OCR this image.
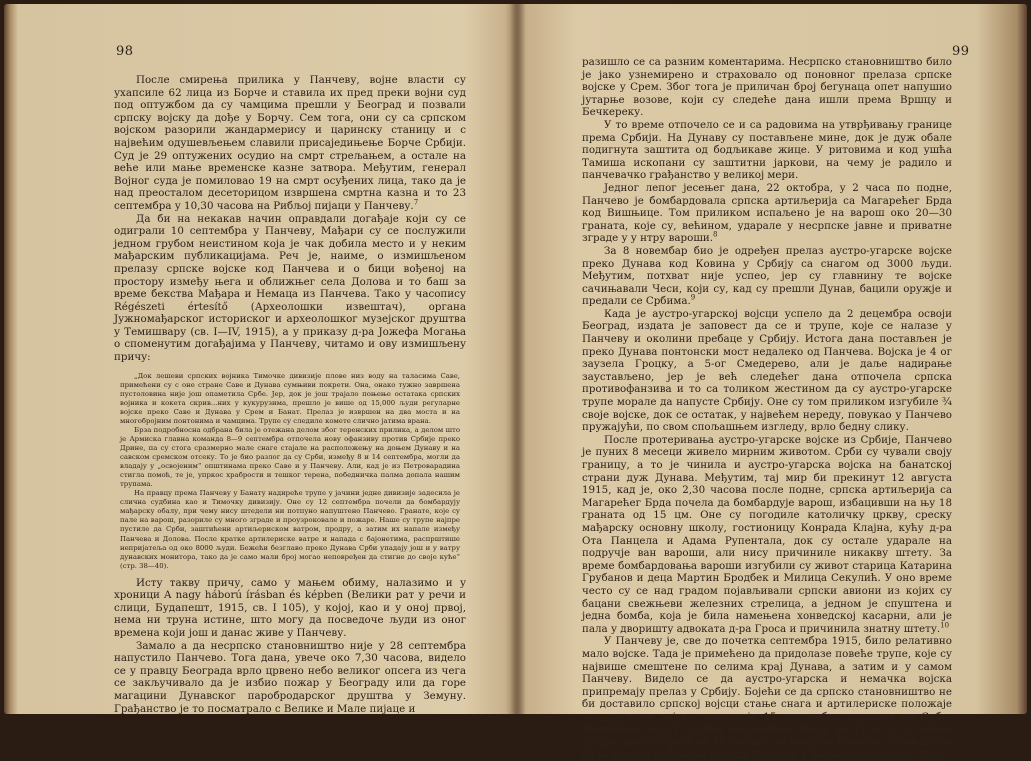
98

После смирења прилика у Панчеву, војне власти су ухапсиле 62 лица из Борче и ставила их пред преки војни суд под оптужбом да су чамцима прешли у Београд и позвали српску војску да дође у Борчу. Сем тога, они су са српском војском разорили жандармерису и царинску станицу и с највећим одушевљењем славили присаједињење Борче Србији. Суд је 29 оптужених осудио на смрт стрељањем, а остале на веће или мање временске казне затвора. Међутим, генерал Војног суда је помиловао 19 на смрт осуђених лица, тако да је над преосталом десеторицом извршена смртна казна и то 23 септембра у 10,30 часова на Рибљој пијаци у Панчеву.$^7$

Да би на некакав начин оправдали догађаје који су се одиграли 10 септембра у Панчеву, Мађари су се послужили једном грубом неистином која је чак добила место и у неким мађарским публикацијама. Реч је, наиме, о измишљеном прелазу српске војске код Панчева и о бици вођеној на простору између њега и оближњег села Долова и то баш за време бекства Мађара и Немаца из Панчева. Тако у часопису Régészeti értesítő (Археолошки извештач), органа Јужномађарског историског и археолошког музејског друштва у Темишвару (св. I—IV, 1915), а у приказу д-ра Јожефа Могања о споменутим догађајима у Панчеву, читамо и ову измишљену причу:

„Док лешеви српских војника Тимочке дивизије плове низ воду на таласима Саве, примећени су с оне стране Саве и Дунава сумњиви покрети. Она, онако тужно завршена пустоловина није још опаметила Србе. Јер, док је још трајало поњење остатака српских војника и кокета скрив...них у кукурузима, прешло је више од 15,000 људи регуларне војске преко Саве и Дунава у Срем и Банат. Прелаз је извршен на два моста и на многобројним понтонима и чамцима. Трупе су следиле кометe слично јатима врана.

Брза подробносна одбрана била је отежана делом због терeнских прилика, а делом што је Армиска главна команда 8—9 септембра отпочела нову офанзиву против Србије преко Дрине, па су стога сразмерно мале снаге стајале на расположењу на доњем Дунаву и на савском сремском отсеку. То је био разлог да су Срби, између 8 и 14 септембра, могли да владају у „освојеним“ општинама преко Саве и у Панчеву. Али, кад је из Петроварадина стигла помоћ, те је, упркос храбрости и тешког терена, победничка палма допала нашим трупама.

На правцу према Панчеву у Банату надиреће трупе у јачини једне дивизије задесила је слична судбина као и Тимочку дивизију. Оне су 12 септембра почели да бомбардују мађарску обалу, при чему нису штедели ни потпуно напуштено Панчево. Гранате, које су пале на варош, разориле су много зграде и проузроковале и пожаре. Наше су трупе најпре пустиле да Срби, заштићени артиљериском ватром, продру, а затим их напале између Панчева и Долова. После кратке артилериске ватре и напада с бајонетима, распрштише непријатеља од око 8000 људи. Бежећи безглаво преко Дунава Срби упадају још и у ватру дунавских монитора, тако да је само мали број могао неповрeђен да стигне до своје куће“ (стр. 38—40).

Исту такву причу, само у мањем обиму, налазимо и у хроници A nagy háború írásban és képben (Велики рат у речи и слици, Будапешт, 1915, св. I 105), у којој, као и у оној првој, нема ни трунa истине, што могу да посведоче људи из оног времена који још и данас живе у Панчеву.

Замало а да несрпско становништво није у 28 септембра напустило Панчево. Тога дана, увече око 7,30 часова, видело се у правцу Београда врло црвено небо великог опсега из чега се закључивало да је избио пожар у Београду или да горе магацини Дунавског паробродарског друштва у Земуну. Грађанство је то посматрало с Велике и Мале пијаце и

99

разишло се са разним коментарима. Несрпско становништво било је јако узнемирено и страховало од поновног прелаза српске војске у Срем. Због тога је приличан број бегунаца опет напушио јутарње возове, који су следеће дана ишли према Вршцу и Бечкереку.

У то време отпочело се и са радовима на утврђивању границе према Србији. На Дунаву су постављене мине, док је дуж обале подигнута заштита од бодљикаве жице. У ритовима и код ушћа Тамиша ископани су заштитни јаркови, на чему је радило и панчевачко грађанство у великој мери.

Једног лепог јесењег дана, 22 октобра, у 2 часа по подне, Панчево је бомбардовала српска артиљерија са Магарећег Брда код Вишњице. Том приликом испаљено је на варош око 20—30 граната, које су, већином, ударале у несрпске јавне и приватне зграде у у нтру вароши.$^8$

За 8 новембар био је одређен прелаз аустро-угарске војске преко Дунава код Ковина у Србију са снагом од 3000 људи. Међутим, потхват није успео, јер су главнину те војске сачињавали Чеси, који су, кад су прешли Дунав, бацили оружје и предали се Србима.$^9$

Када је аустро-угарској војсци успело да 2 децембра освоји Београд, издата је заповест да се и трупе, које се налазе у Панчеву и околини пребаце у Србију. Истога дана постављен је преко Дунава понтонски мост недалеко од Панчева. Војска је 4 ог заузела Гроцку, а 5-ог Смедерево, али је даље надирање заустављено, јер је већ следећег дана отпочела српска противофанзива и то са толиком жестином да су аустро-угарске трупе морале да напусте Србију. Оне су том приликом изгубиле ¾ своје војске, док се остатак, у највећем нереду, повукао у Панчево пружајући, по свом спољашњем изгледу, врло бедну слику.

После протеривања аустро-угарске војске из Србије, Панчево је пуних 8 месеци живело мирним животом. Срби су чували своју границу, а то је чинила и аустро-угарска војска на банатској страни дуж Дунава. Међутим, тај мир би прекинут 12 августа 1915, кад је, око 2,30 часова после подне, српска артиљерија са Магарећег Брда почела да бомбардује варош, избацивши на њу 18 граната од 15 цм. Оне су погодиле католичку цркву, среску мађарску основну школу, гостионицу Конрада Клајна, кућу д-ра Ота Панцела и Адама Рупентала, док су остале ударале на подручје ван вароши, али нису причиниле никакву штету. За време бомбардовања вароши изгубили су живот старица Катарина Грубанов и деца Мартин Бродбек и Милица Секулић. У оно време често су се над градом појављивали српски авиони из којих су бацани свежњеви железних стрелица, а једном је спуштена и једна бомба, која је била намењена хонведској касарни, али је пала у дворишту адвоката д-ра Гроса и причинила знатну штету.$^{10}$

У Панчеву је, све до почетка септембра 1915, било релативно мало војске. Тада је примећено да придолазе повеће трупе, које су највише смештене по селима крај Дунава, а затим и у самом Панчеву. Видело се да аустро-угарска и немачка војска припремају прелаз у Србију. Бојећи се да српско становништво не би доставило српској војсци стање снага и артилериске положаје те удружене војске, издата је 15 септембра заповест да Срби-мушкарци, од 11 година на навише, имају до 17-ог, у 6 часова ујутро, дакле у року од 48 часова, да напусте Панчево с тим да им се за место пребивања одреди Сегедин и Ходмезевашархељ. Деца
